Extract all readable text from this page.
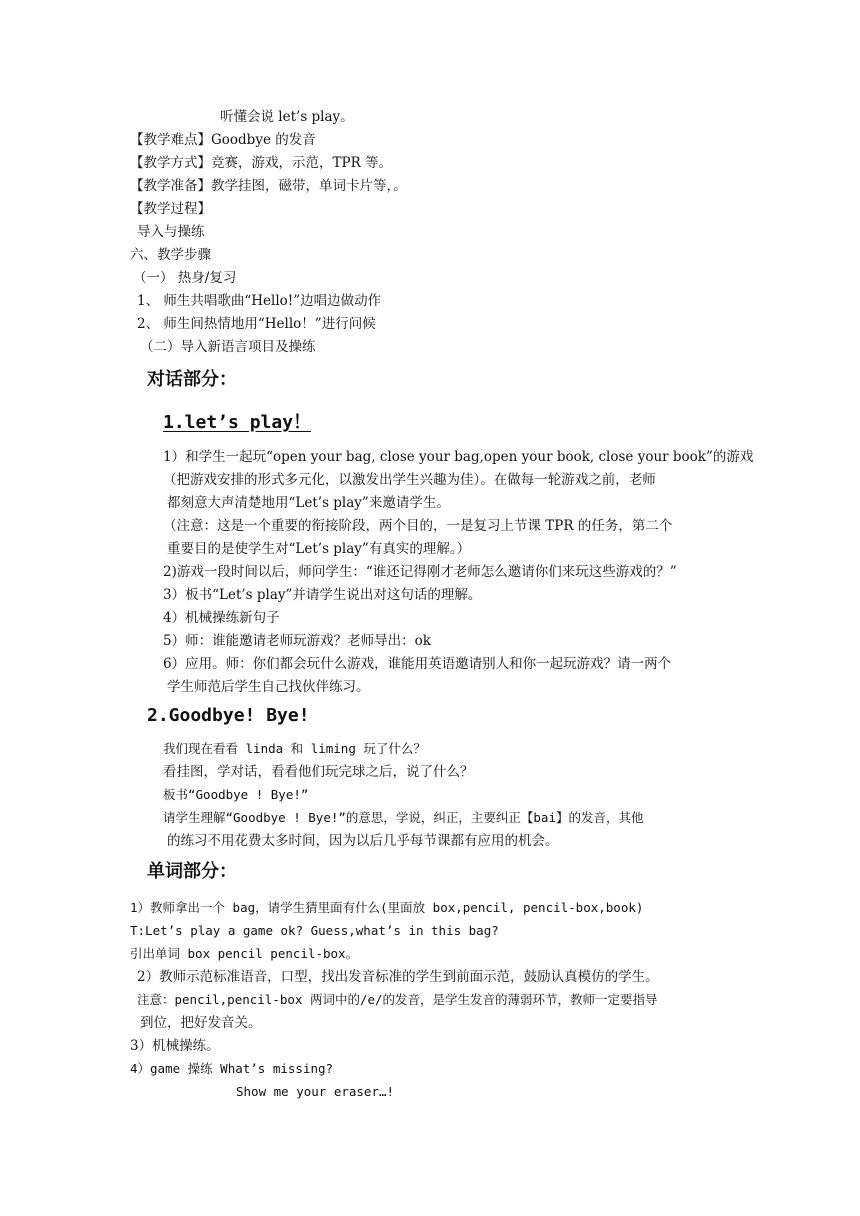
听懂会说 let’s play。
【教学难点】Goodbye 的发音
【教学方式】竞赛，游戏，示范，TPR 等。
【教学准备】教学挂图，磁带，单词卡片等，。
【教学过程】
导入与操练
六、教学步骤
（一） 热身/复习
1、 师生共唱歌曲“Hello!”边唱边做动作
2、 师生间热情地用“Hello！”进行问候
（二）导入新语言项目及操练
对话部分：
1.let’s play！
1）和学生一起玩“open your bag, close your bag,open your book, close your book”的游戏
（把游戏安排的形式多元化，以激发出学生兴趣为佳）。在做每一轮游戏之前，老师
都刻意大声清楚地用“Let’s play”来邀请学生。
（注意：这是一个重要的衔接阶段，两个目的，一是复习上节课 TPR 的任务，第二个
重要目的是使学生对“Let’s play”有真实的理解。）
2)游戏一段时间以后，师问学生：“谁还记得刚才老师怎么邀请你们来玩这些游戏的？”
3）板书“Let’s play”并请学生说出对这句话的理解。
4）机械操练新句子
5）师：谁能邀请老师玩游戏？老师导出：ok
6）应用。师：你们都会玩什么游戏，谁能用英语邀请别人和你一起玩游戏？请一两个
学生师范后学生自己找伙伴练习。
2.Goodbye! Bye!
我们现在看看 linda 和 liming 玩了什么？
看挂图，学对话，看看他们玩完球之后，说了什么？
板书“Goodbye ! Bye!”
请学生理解“Goodbye ! Bye!”的意思，学说，纠正，主要纠正【bai】的发音，其他
的练习不用花费太多时间，因为以后几乎每节课都有应用的机会。
单词部分：
1）教师拿出一个 bag，请学生猜里面有什么(里面放 box,pencil, pencil-box,book)
T:Let’s play a game ok? Guess,what’s in this bag?
引出单词 box pencil pencil-box。
2）教师示范标准语音，口型，找出发音标准的学生到前面示范，鼓励认真模仿的学生。
注意：pencil,pencil-box 两词中的/e/的发音，是学生发音的薄弱环节，教师一定要指导
到位，把好发音关。
3）机械操练。
4）game 操练 What’s missing?
Show me your eraser…!
